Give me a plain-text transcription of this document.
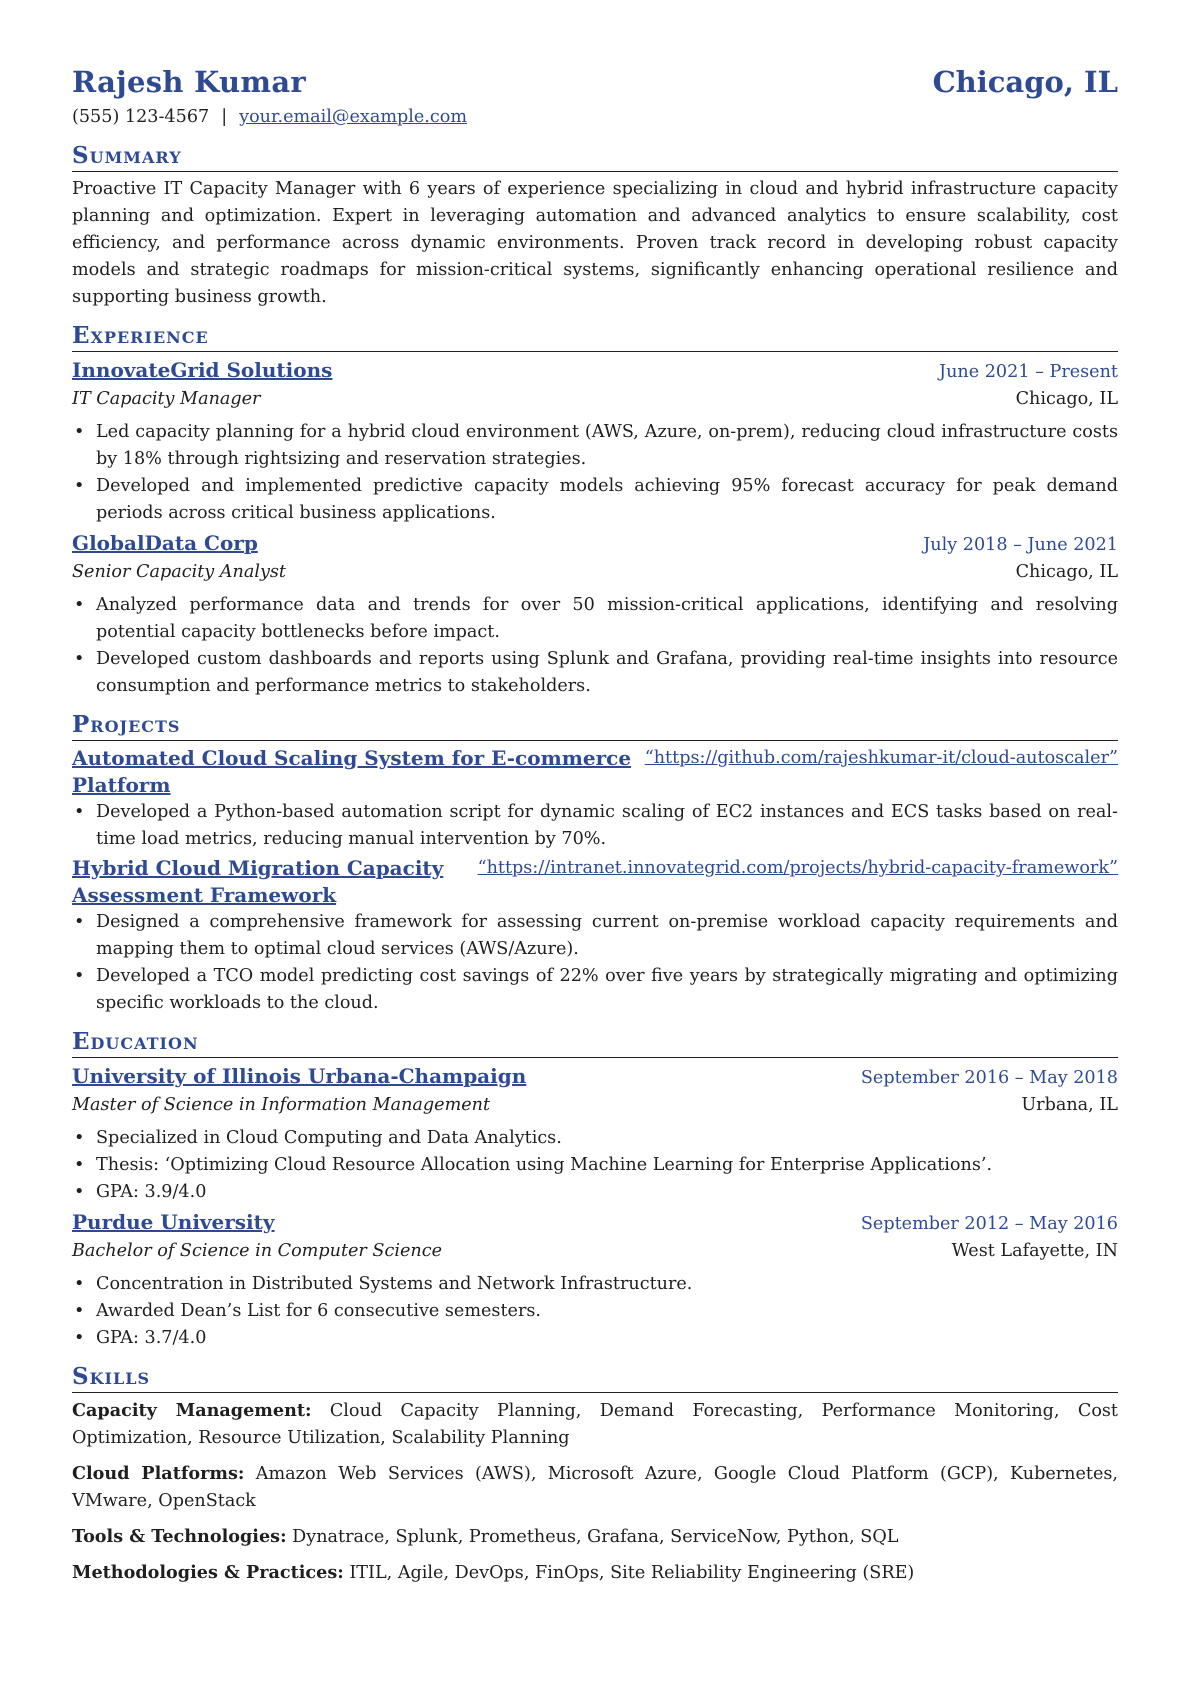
Rajesh Kumar	Chicago, IL
(555) 123-4567 | your.email@example.com
Summary
Proactive IT Capacity Manager with 6 years of experience specializing in cloud and hybrid infrastructure capacity planning and optimization. Expert in leveraging automation and advanced analytics to ensure scalability, cost efficiency, and performance across dynamic environments. Proven track record in developing robust capacity models and strategic roadmaps for mission-critical systems, significantly enhancing operational resilience and supporting business growth.
Experience
InnovateGrid Solutions	June 2021 – Present
IT Capacity Manager	Chicago, IL
• Led capacity planning for a hybrid cloud environment (AWS, Azure, on-prem), reducing cloud infrastructure costs by 18% through rightsizing and reservation strategies.
• Developed and implemented predictive capacity models achieving 95% forecast accuracy for peak demand periods across critical business applications.
GlobalData Corp	July 2018 – June 2021
Senior Capacity Analyst	Chicago, IL
• Analyzed performance data and trends for over 50 mission-critical applications, identifying and resolving potential capacity bottlenecks before impact.
• Developed custom dashboards and reports using Splunk and Grafana, providing real-time insights into resource consumption and performance metrics to stakeholders.
Projects
Automated Cloud Scaling System for E-commerce Platform
“https://github.com/rajeshkumar-it/cloud-autoscaler”
• Developed a Python-based automation script for dynamic scaling of EC2 instances and ECS tasks based on real-time load metrics, reducing manual intervention by 70%.
Hybrid Cloud Migration Capacity Assessment Framework
“https://intranet.innovategrid.com/projects/hybrid-capacity-framework”
• Designed a comprehensive framework for assessing current on-premise workload capacity requirements and mapping them to optimal cloud services (AWS/Azure).
• Developed a TCO model predicting cost savings of 22% over five years by strategically migrating and optimizing specific workloads to the cloud.
Education
University of Illinois Urbana-Champaign	September 2016 – May 2018
Master of Science in Information Management	Urbana, IL
• Specialized in Cloud Computing and Data Analytics.
• Thesis: ‘Optimizing Cloud Resource Allocation using Machine Learning for Enterprise Applications’.
• GPA: 3.9/4.0
Purdue University	September 2012 – May 2016
Bachelor of Science in Computer Science	West Lafayette, IN
• Concentration in Distributed Systems and Network Infrastructure.
• Awarded Dean’s List for 6 consecutive semesters.
• GPA: 3.7/4.0
Skills
Capacity Management: Cloud Capacity Planning, Demand Forecasting, Performance Monitoring, Cost Optimization, Resource Utilization, Scalability Planning
Cloud Platforms: Amazon Web Services (AWS), Microsoft Azure, Google Cloud Platform (GCP), Kubernetes, VMware, OpenStack
Tools & Technologies: Dynatrace, Splunk, Prometheus, Grafana, ServiceNow, Python, SQL
Methodologies & Practices: ITIL, Agile, DevOps, FinOps, Site Reliability Engineering (SRE)
